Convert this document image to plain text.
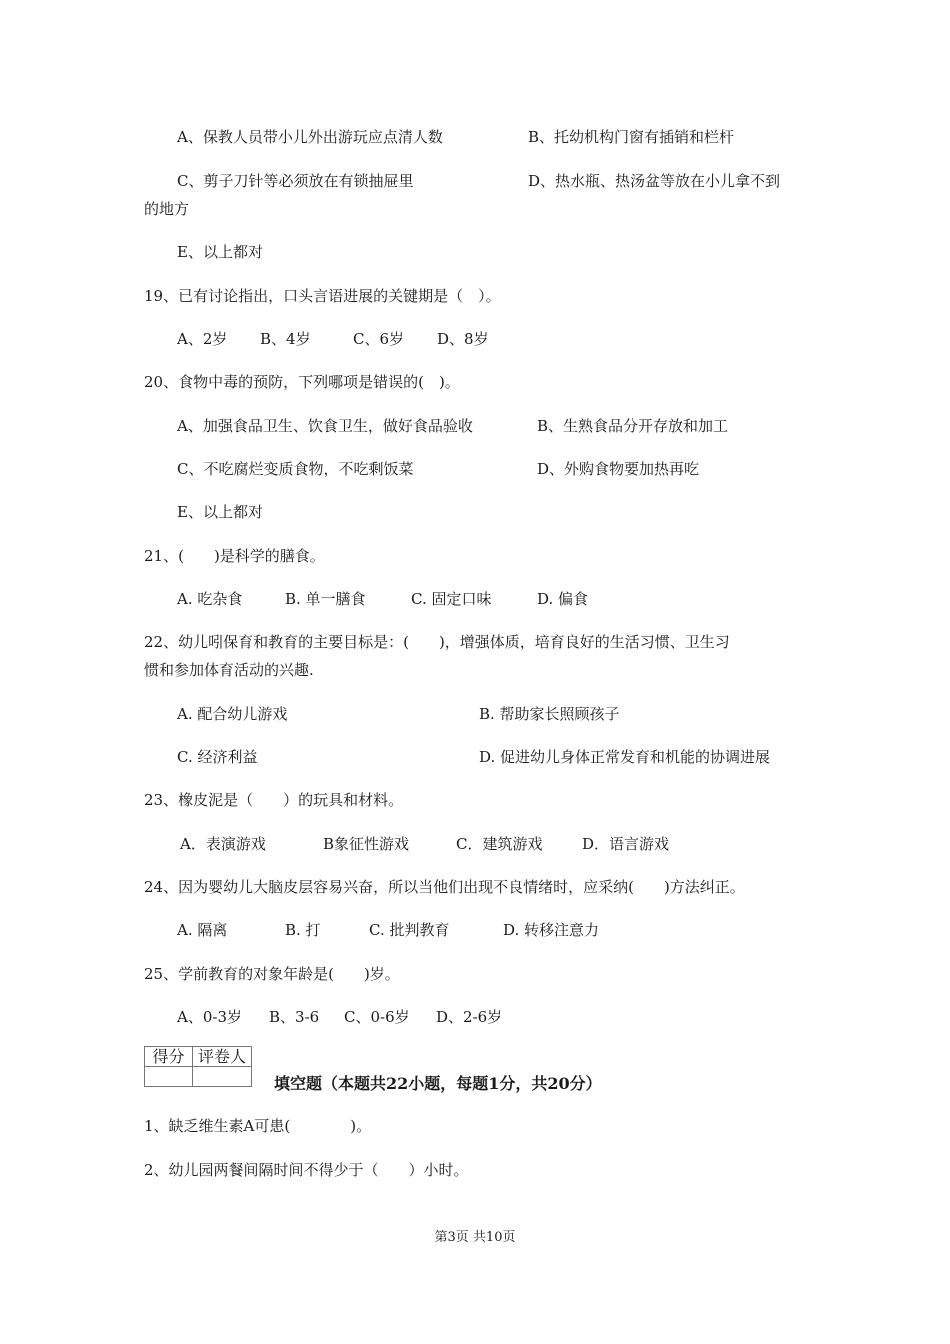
A、保教人员带小儿外出游玩应点清人数	B、托幼机构门窗有插销和栏杆
C、剪子刀针等必须放在有锁抽屉里	D、热水瓶、热汤盆等放在小儿拿不到
的地方
E、以上都对
19、已有讨论指出，口头言语进展的关键期是（　）。
A、2岁 B、4岁	C、6岁 D、8岁
20、食物中毒的预防，下列哪项是错误的(　)。
A、加强食品卫生、饮食卫生，做好食品验收	B、生熟食品分开存放和加工
C、不吃腐烂变质食物，不吃剩饭菜	D、外购食物要加热再吃
E、以上都对
21、(　　)是科学的膳食。
A. 吃杂食	B. 单一膳食	C. 固定口味	D. 偏食
22、幼儿吲保育和教育的主要目标是：(　　)，增强体质，培育良好的生活习惯、卫生习
惯和参加体育活动的兴趣.
A. 配合幼儿游戏	B. 帮助家长照顾孩子
C. 经济利益	D. 促进幼儿身体正常发育和机能的协调进展
23、橡皮泥是（　　）的玩具和材料。
A．表演游戏	B象征性游戏	C．建筑游戏	D．语言游戏
24、因为婴幼儿大脑皮层容易兴奋，所以当他们出现不良情绪时，应采纳(　　)方法纠正。
A. 隔离	B. 打	C. 批判教育	D. 转移注意力
25、学前教育的对象年龄是(　　)岁。
A、0-3岁 B、3-6 C、0-6岁 D、2-6岁
得分	评卷人

填空题（本题共22小题，每题1分，共20分）
1、缺乏维生素A可患(　　　　)。
2、幼儿园两餐间隔时间不得少于（　　）小时。
第3页 共10页
